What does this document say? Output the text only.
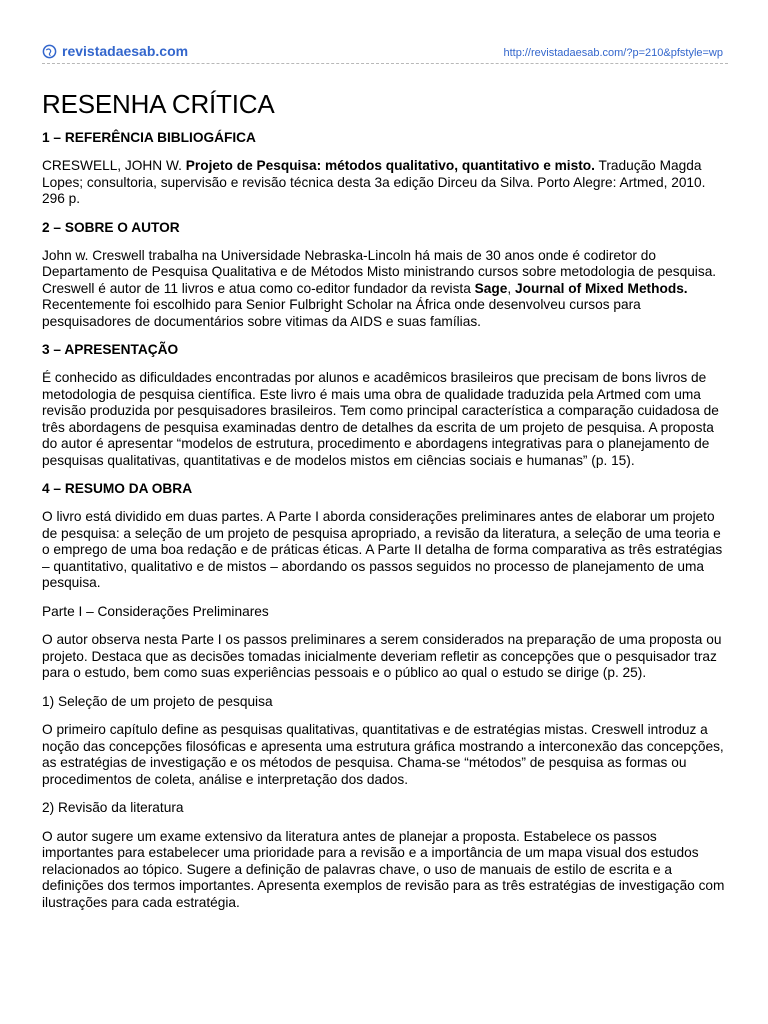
revistadaesab.com	http://revistadaesab.com/?p=210&pfstyle=wp
RESENHA CRÍTICA
1 – REFERÊNCIA BIBLIOGÁFICA

CRESWELL, JOHN W. Projeto de Pesquisa: métodos qualitativo, quantitativo e misto. Tradução Magda Lopes; consultoria, supervisão e revisão técnica desta 3a edição Dirceu da Silva. Porto Alegre: Artmed, 2010. 296 p.

2 – SOBRE O AUTOR

John w. Creswell trabalha na Universidade Nebraska-Lincoln há mais de 30 anos onde é codiretor do Departamento de Pesquisa Qualitativa e de Métodos Misto ministrando cursos sobre metodologia de pesquisa. Creswell é autor de 11 livros e atua como co-editor fundador da revista Sage, Journal of Mixed Methods. Recentemente foi escolhido para Senior Fulbright Scholar na África onde desenvolveu cursos para pesquisadores de documentários sobre vitimas da AIDS e suas famílias.

3 – APRESENTAÇÃO

É conhecido as dificuldades encontradas por alunos e acadêmicos brasileiros que precisam de bons livros de metodologia de pesquisa científica. Este livro é mais uma obra de qualidade traduzida pela Artmed com uma revisão produzida por pesquisadores brasileiros. Tem como principal característica a comparação cuidadosa de três abordagens de pesquisa examinadas dentro de detalhes da escrita de um projeto de pesquisa. A proposta do autor é apresentar “modelos de estrutura, procedimento e abordagens integrativas para o planejamento de pesquisas qualitativas, quantitativas e de modelos mistos em ciências sociais e humanas” (p. 15).

4 – RESUMO DA OBRA

O livro está dividido em duas partes. A Parte I aborda considerações preliminares antes de elaborar um projeto de pesquisa: a seleção de um projeto de pesquisa apropriado, a revisão da literatura, a seleção de uma teoria e o emprego de uma boa redação e de práticas éticas. A Parte II detalha de forma comparativa as três estratégias – quantitativo, qualitativo e de mistos – abordando os passos seguidos no processo de planejamento de uma pesquisa.

Parte I – Considerações Preliminares

O autor observa nesta Parte I os passos preliminares a serem considerados na preparação de uma proposta ou projeto. Destaca que as decisões tomadas inicialmente deveriam refletir as concepções que o pesquisador traz para o estudo, bem como suas experiências pessoais e o público ao qual o estudo se dirige (p. 25).

1) Seleção de um projeto de pesquisa

O primeiro capítulo define as pesquisas qualitativas, quantitativas e de estratégias mistas. Creswell introduz a noção das concepções filosóficas e apresenta uma estrutura gráfica mostrando a interconexão das concepções, as estratégias de investigação e os métodos de pesquisa. Chama-se “métodos” de pesquisa as formas ou procedimentos de coleta, análise e interpretação dos dados.

2) Revisão da literatura

O autor sugere um exame extensivo da literatura antes de planejar a proposta. Estabelece os passos importantes para estabelecer uma prioridade para a revisão e a importância de um mapa visual dos estudos relacionados ao tópico. Sugere a definição de palavras chave, o uso de manuais de estilo de escrita e a definições dos termos importantes. Apresenta exemplos de revisão para as três estratégias de investigação com ilustrações para cada estratégia.
